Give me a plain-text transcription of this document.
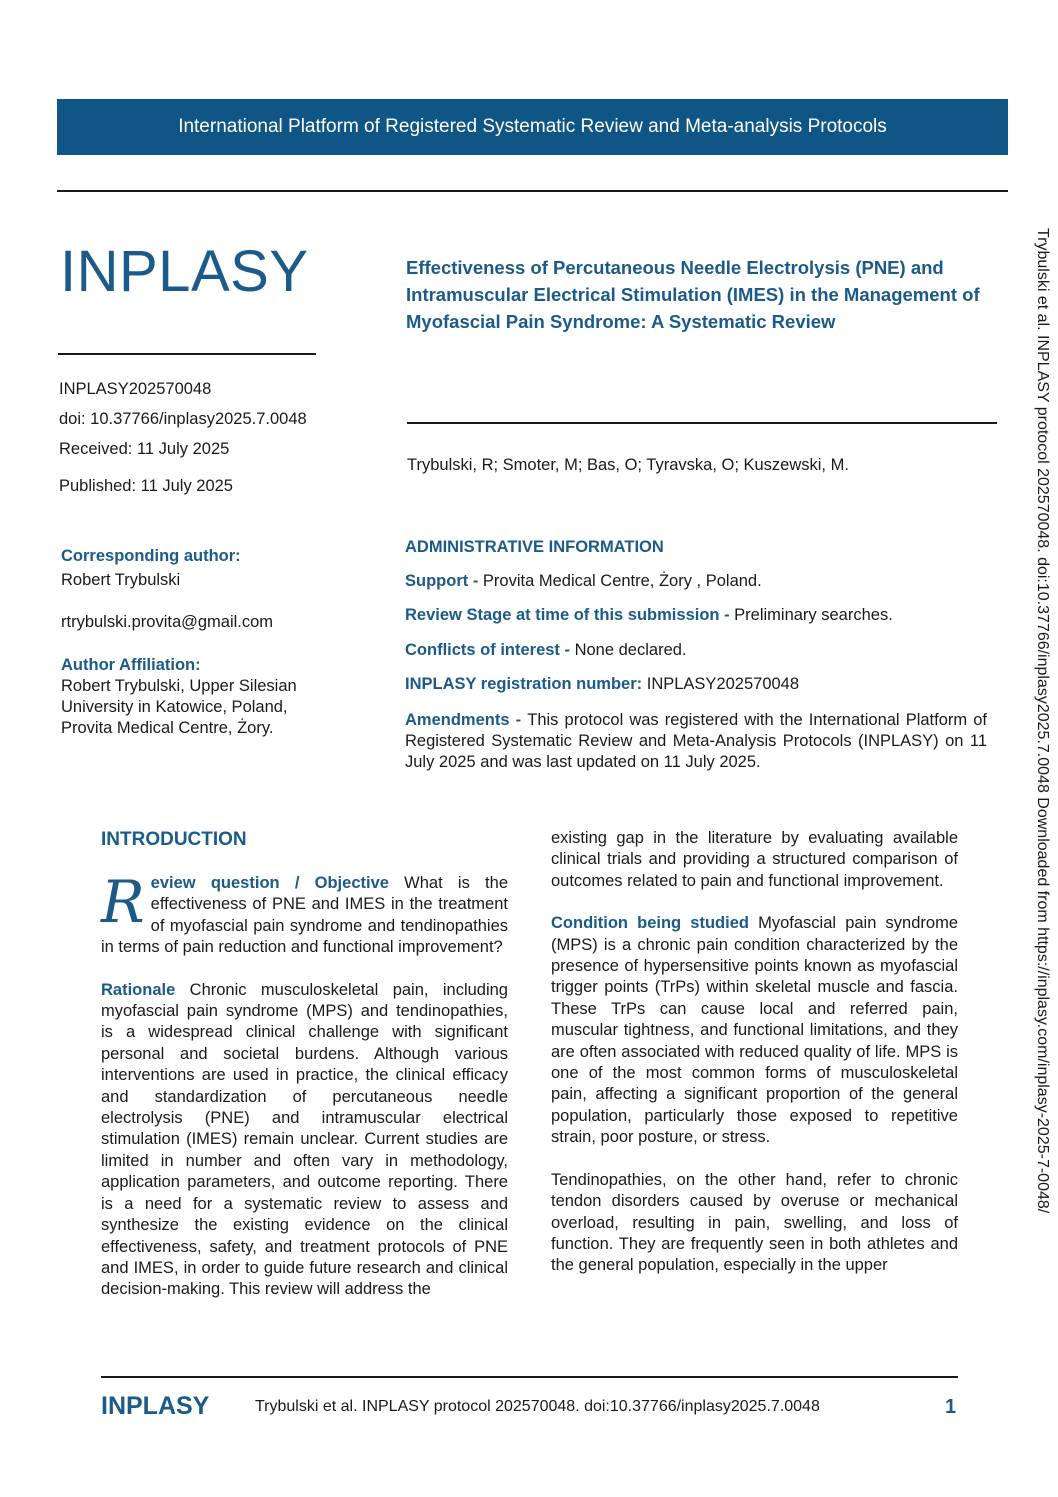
International Platform of Registered Systematic Review and Meta-analysis Protocols
INPLASY	Effectiveness of Percutaneous Needle Electrolysis (PNE) and Intramuscular Electrical Stimulation (IMES) in the Management of Myofascial Pain Syndrome: A Systematic Review
INPLASY202570048
doi: 10.37766/inplasy2025.7.0048
Received: 11 July 2025
Published: 11 July 2025
Trybulski, R; Smoter, M; Bas, O; Tyravska, O; Kuszewski, M.
Corresponding author:
Robert Trybulski
rtrybulski.provita@gmail.com
Author Affiliation:
Robert Trybulski, Upper Silesian
University in Katowice, Poland,
Provita Medical Centre, Żory.
ADMINISTRATIVE INFORMATION
Support - Provita Medical Centre, Żory , Poland.
Review Stage at time of this submission - Preliminary searches.
Conflicts of interest - None declared.
INPLASY registration number: INPLASY202570048
Amendments - This protocol was registered with the International Platform of Registered Systematic Review and Meta-Analysis Protocols (INPLASY) on 11 July 2025 and was last updated on 11 July 2025.	Trybulski et al. INPLASY protocol 202570048. doi:10.37766/inplasy2025.7.0048 Downloaded from https://inplasy.com/inplasy-2025-7-0048/
INTRODUCTION

Review question / Objective What is the effectiveness of PNE and IMES in the treatment of myofascial pain syndrome and tendinopathies in terms of pain reduction and functional improvement?

Rationale Chronic musculoskeletal pain, including myofascial pain syndrome (MPS) and tendinopathies, is a widespread clinical challenge with significant personal and societal burdens. Although various interventions are used in practice, the clinical efficacy and standardization of percutaneous needle electrolysis (PNE) and intramuscular electrical stimulation (IMES) remain unclear. Current studies are limited in number and often vary in methodology, application parameters, and outcome reporting. There is a need for a systematic review to assess and synthesize the existing evidence on the clinical effectiveness, safety, and treatment protocols of PNE and IMES, in order to guide future research and clinical decision-making. This review will address the

existing gap in the literature by evaluating available clinical trials and providing a structured comparison of outcomes related to pain and functional improvement.

Condition being studied Myofascial pain syndrome (MPS) is a chronic pain condition characterized by the presence of hypersensitive points known as myofascial trigger points (TrPs) within skeletal muscle and fascia. These TrPs can cause local and referred pain, muscular tightness, and functional limitations, and they are often associated with reduced quality of life. MPS is one of the most common forms of musculoskeletal pain, affecting a significant proportion of the general population, particularly those exposed to repetitive strain, poor posture, or stress.

Tendinopathies, on the other hand, refer to chronic tendon disorders caused by overuse or mechanical overload, resulting in pain, swelling, and loss of function. They are frequently seen in both athletes and the general population, especially in the upper

INPLASY	Trybulski et al. INPLASY protocol 202570048. doi:10.37766/inplasy2025.7.0048	1
